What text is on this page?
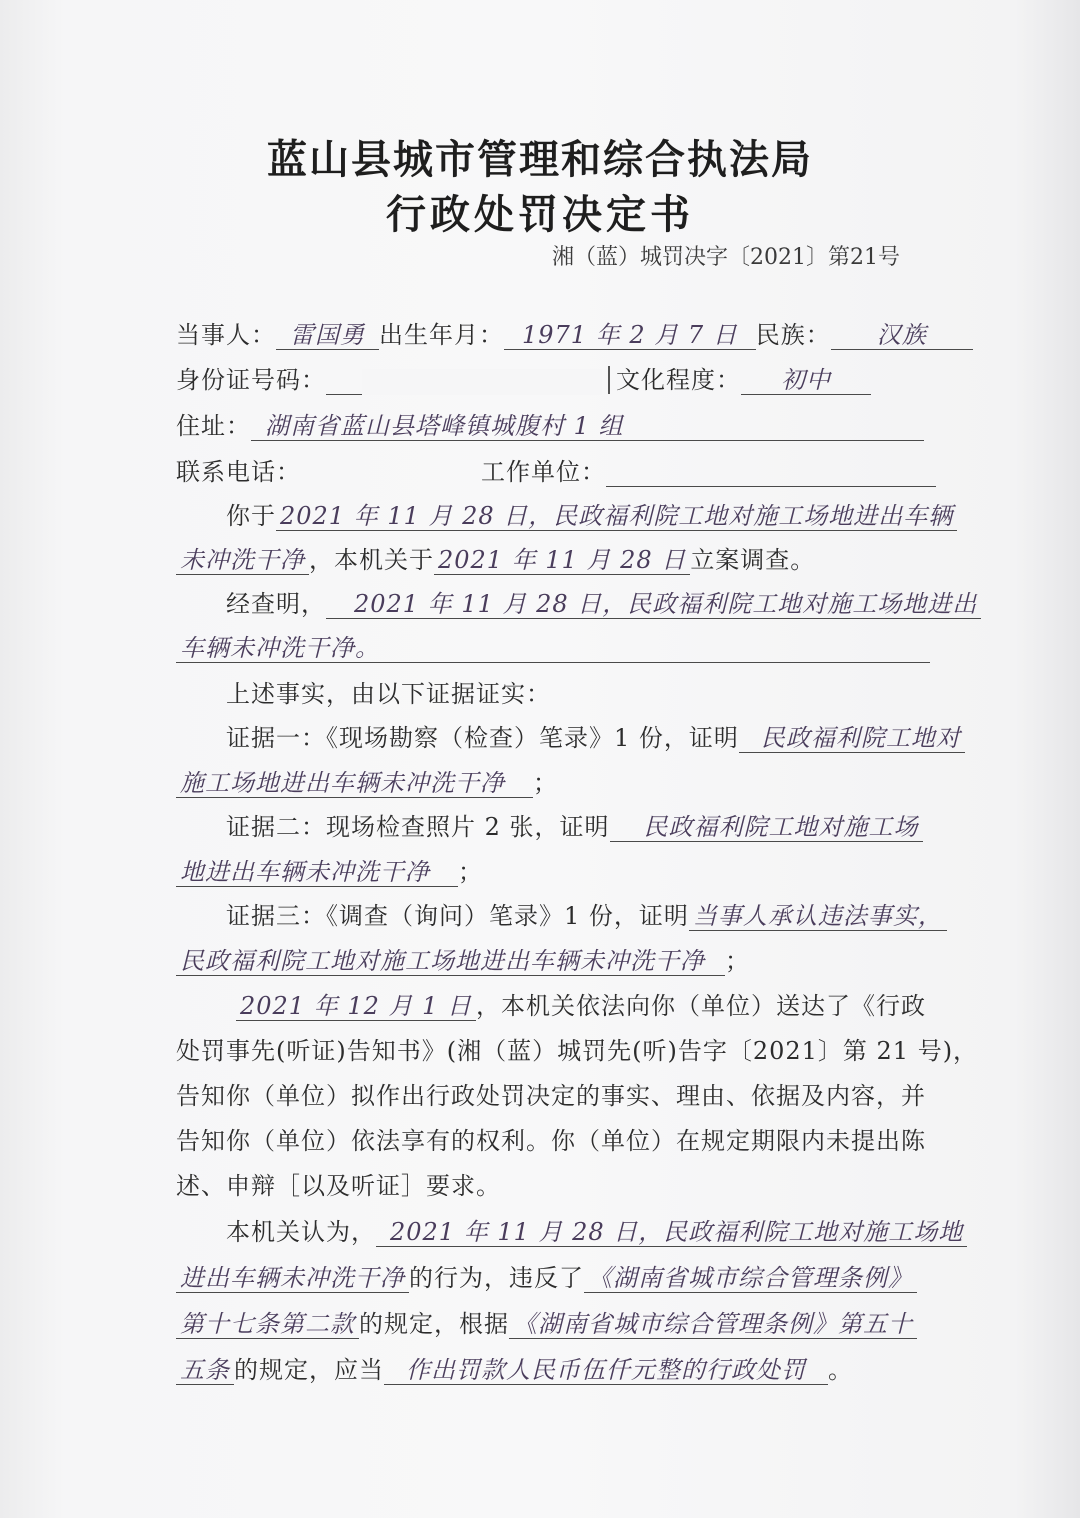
蓝山县城市管理和综合执法局
行政处罚决定书
湘（蓝）城罚决字〔2021〕第21号
当事人： 雷国勇 出生年月： 1971 年 2 月 7 日 民族： 汉族
身份证号码：	文化程度： 初中
住址： 湖南省蓝山县塔峰镇城腹村 1 组
联系电话：	工作单位：
你于 2021 年 11 月 28 日，民政福利院工地对施工场地进出车辆
未冲洗干净 ，本机关于 2021 年 11 月 28 日 立案调查。
经查明， 2021 年 11 月 28 日，民政福利院工地对施工场地进出
车辆未冲洗干净。
上述事实，由以下证据证实：
证据一：《现场勘察（检查）笔录》1 份，证明 民政福利院工地对
施工场地进出车辆未冲洗干净 ；
证据二：现场检查照片 2 张，证明 民政福利院工地对施工场
地进出车辆未冲洗干净 ；
证据三：《调查（询问）笔录》1 份，证明 当事人承认违法事实，
民政福利院工地对施工场地进出车辆未冲洗干净 ；
2021 年 12 月 1 日 ，本机关依法向你（单位）送达了《行政
处罚事先(听证)告知书》(湘（蓝）城罚先(听)告字〔2021〕第 21 号)，
告知你（单位）拟作出行政处罚决定的事实、理由、依据及内容，并
告知你（单位）依法享有的权利。你（单位）在规定期限内未提出陈
述、申辩［以及听证］要求。
本机关认为， 2021 年 11 月 28 日，民政福利院工地对施工场地
进出车辆未冲洗干净 的行为，违反了 《湖南省城市综合管理条例》
第十七条第二款 的规定，根据 《湖南省城市综合管理条例》第五十
五条 的规定，应当 作出罚款人民币伍仟元整的行政处罚 。
